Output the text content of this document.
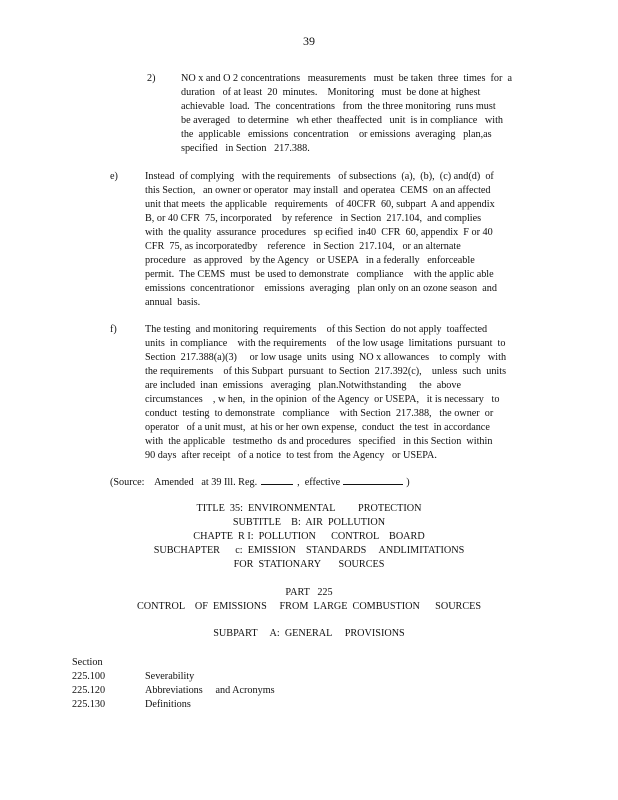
39
2)	NO x and O 2 concentrations   measurements   must  be taken  three  times  for  a
duration   of at least  20  minutes.    Monitoring   must  be done at highest
achievable  load.  The  concentrations   from  the three monitoring  runs must
be averaged   to determine   wh ether  theaffected   unit  is in compliance   with
the  applicable   emissions  concentration    or emissions  averaging   plan,as
specified   in Section   217.388.
e)	Instead  of complying   with the requirements   of subsections  (a),  (b),  (c) and(d)  of
this Section,   an owner or operator  may install  and operatea  CEMS  on an affected
unit that meets  the applicable   requirements   of 40CFR  60, subpart  A and appendix
B, or 40 CFR  75, incorporated    by reference   in Section  217.104,  and complies
with  the quality  assurance  procedures   sp ecified  in40  CFR  60, appendix  F or 40
CFR  75, as incorporatedby    reference   in Section  217.104,   or an alternate
procedure   as approved   by the Agency   or USEPA   in a federally   enforceable
permit.  The CEMS  must  be used to demonstrate   compliance    with the applic able
emissions  concentrationor    emissions  averaging   plan only on an ozone season  and
annual  basis.
f)	The testing  and monitoring  requirements    of this Section  do not apply  toaffected
units  in compliance    with the requirements    of the low usage  limitations  pursuant  to
Section  217.388(a)(3)     or low usage  units  using  NO x allowances    to comply   with
the requirements    of this Subpart  pursuant  to Section  217.392(c),    unless  such  units
are included  inan  emissions   averaging   plan.Notwithstanding     the  above
circumstances    , w hen,  in the opinion  of the Agency  or USEPA,   it is necessary   to
conduct  testing  to demonstrate   compliance    with Section  217.388,   the owner  or
operator   of a unit must,  at his or her own expense,  conduct  the test  in accordance
with  the applicable   testmetho  ds and procedures   specified   in this Section  within
90 days  after receipt   of a notice  to test from  the Agency   or USEPA.
(Source:    Amended   at 39 Ill. Reg.	,  effective	)
TITLE  35:  ENVIRONMENTAL         PROTECTION
SUBTITLE    B:  AIR  POLLUTION
CHAPTE  R I:  POLLUTION      CONTROL    BOARD
SUBCHAPTER      c:  EMISSION    STANDARDS     ANDLIMITATIONS
FOR  STATIONARY       SOURCES
PART   225
CONTROL    OF  EMISSIONS     FROM  LARGE  COMBUSTION      SOURCES
SUBPART     A:  GENERAL     PROVISIONS
Section
225.100	Severability
225.120	Abbreviations     and Acronyms
225.130	Definitions
